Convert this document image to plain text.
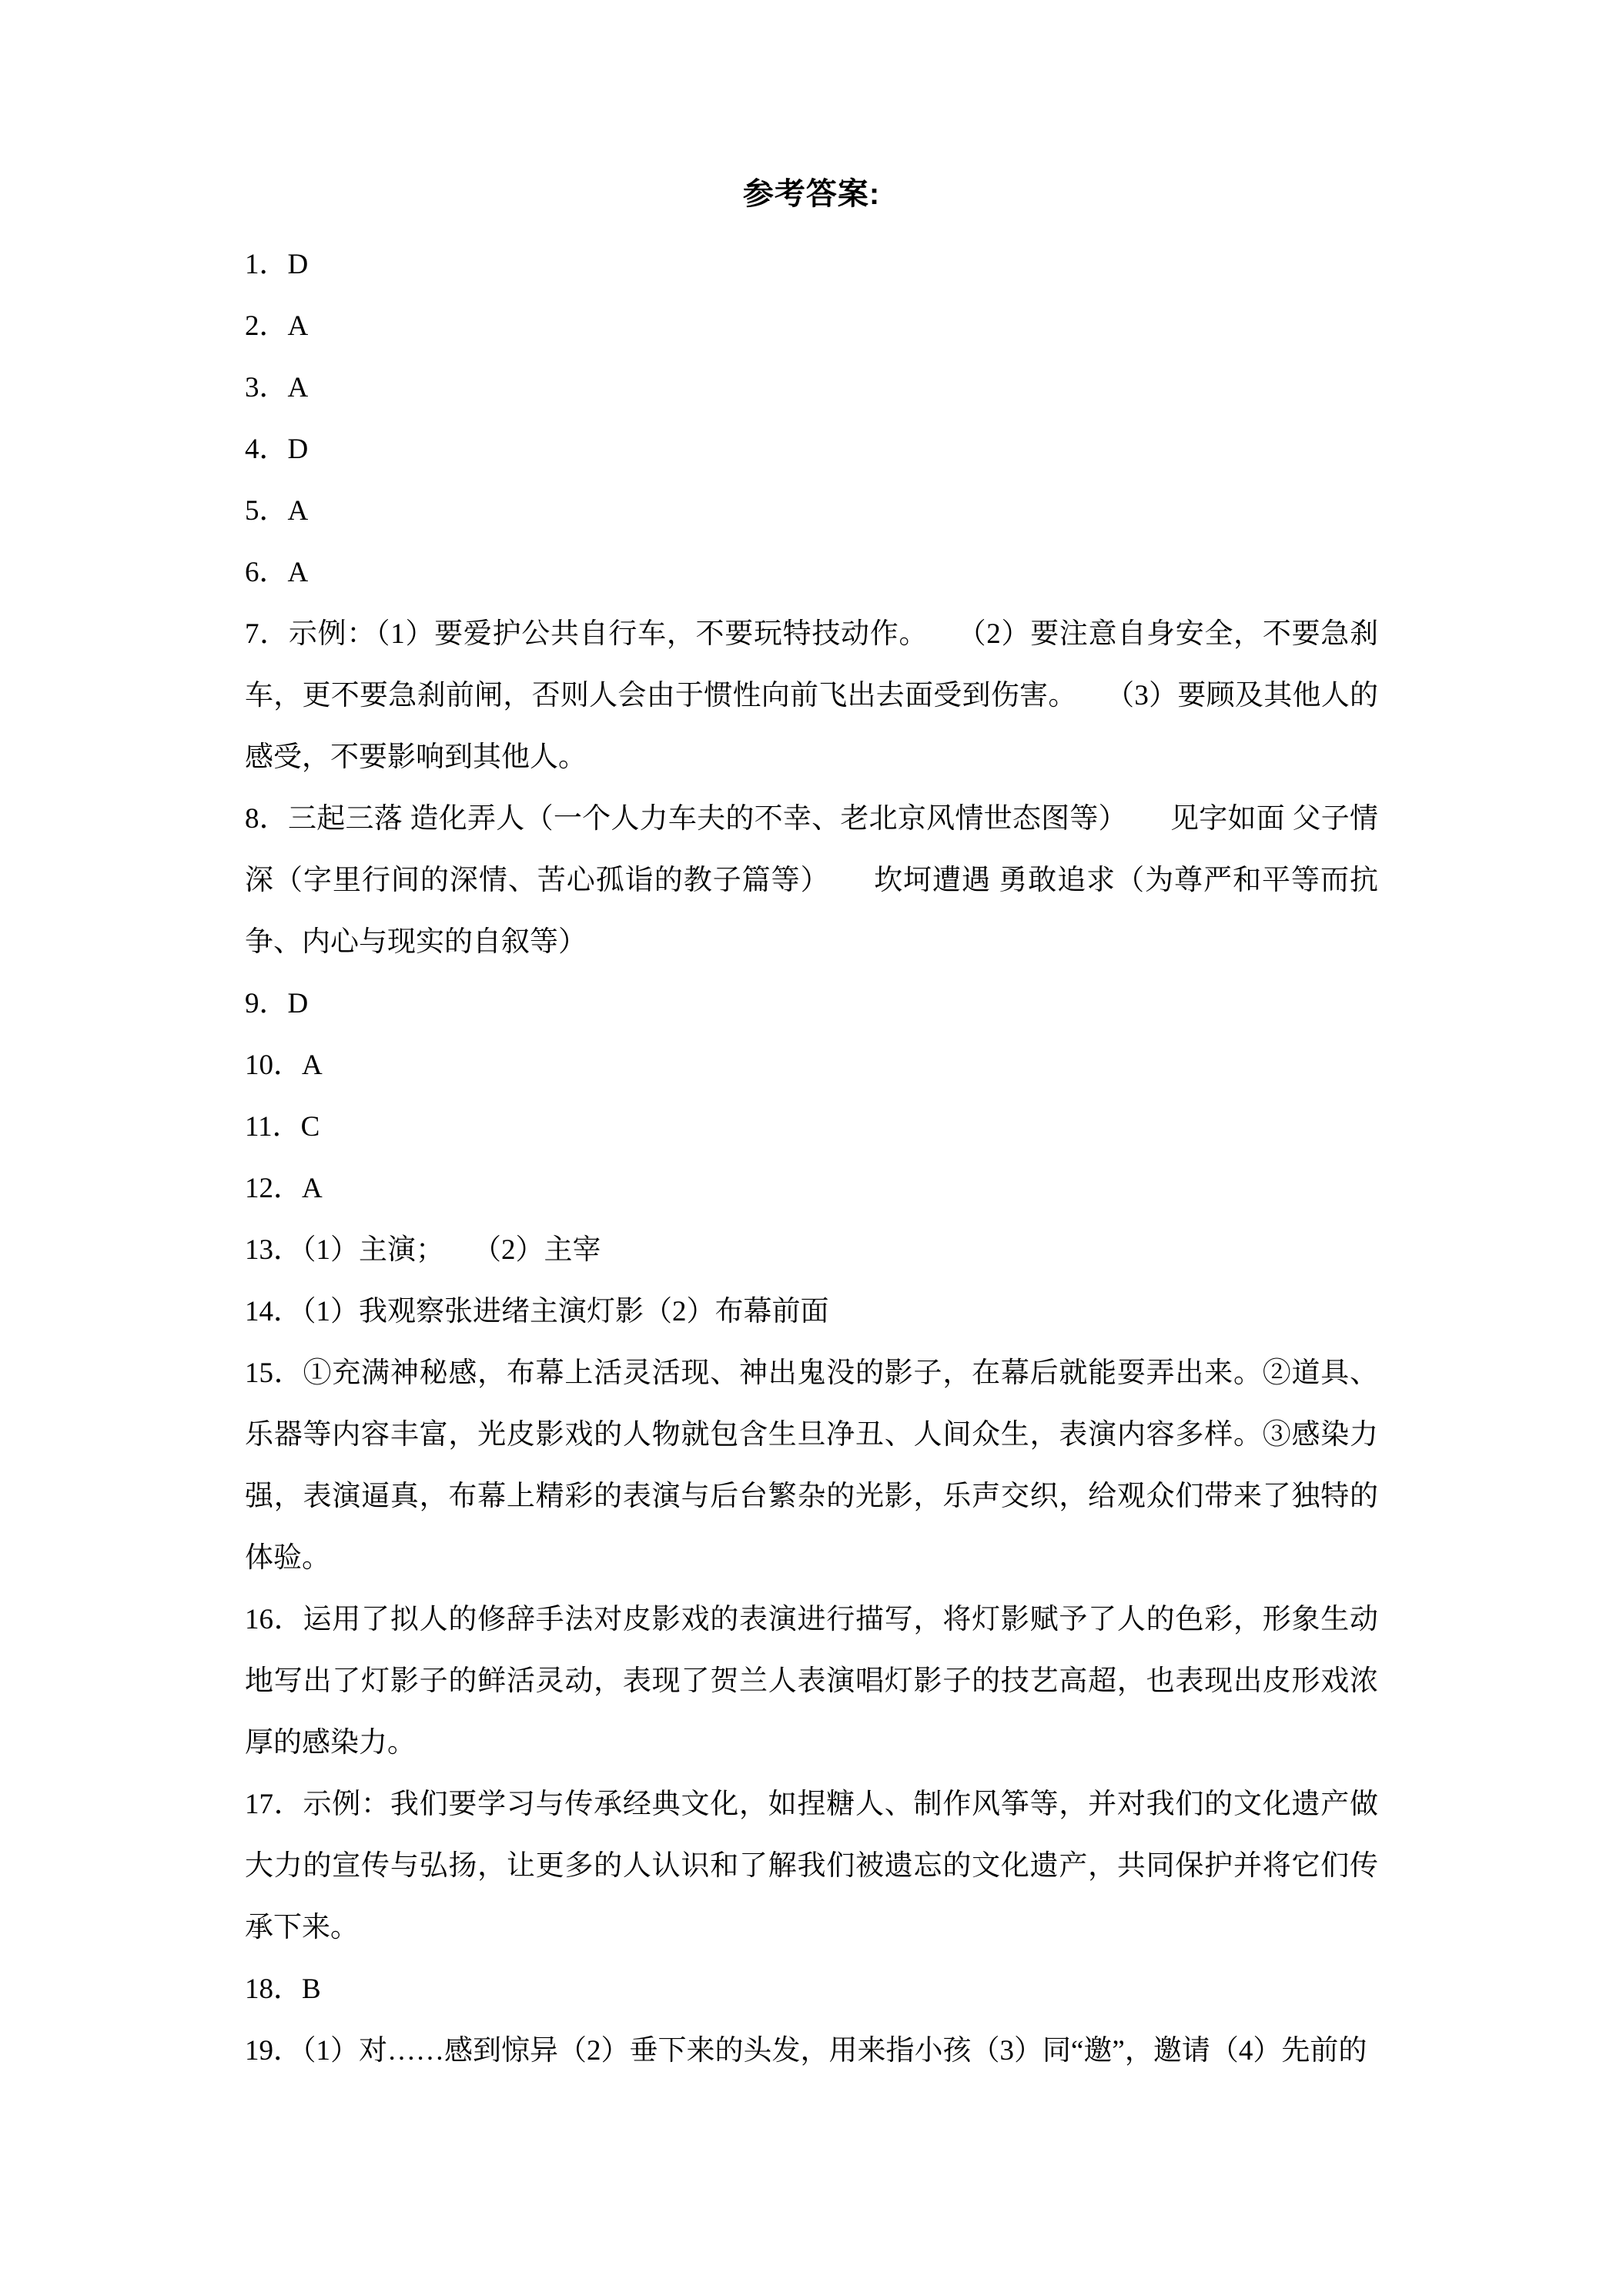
参考答案:

1．D

2．A

3．A

4．D

5．A

6．A

7．示例：（1）要爱护公共自行车，不要玩特技动作。　　（2）要注意自身安全，不要急刹车，更不要急刹前闸，否则人会由于惯性向前飞出去面受到伤害。　　（3）要顾及其他人的感受，不要影响到其他人。

8．三起三落 造化弄人（一个人力车夫的不幸、老北京风情世态图等）　　见字如面 父子情深（字里行间的深情、苦心孤诣的教子篇等）　　坎坷遭遇 勇敢追求（为尊严和平等而抗争、内心与现实的自叙等）

9．D

10．A

11．C

12．A

13．（1）主演；　　（2）主宰

14．（1）我观察张进绪主演灯影（2）布幕前面

15．①充满神秘感，布幕上活灵活现、神出鬼没的影子，在幕后就能耍弄出来。②道具、乐器等内容丰富，光皮影戏的人物就包含生旦净丑、人间众生，表演内容多样。③感染力强，表演逼真，布幕上精彩的表演与后台繁杂的光影，乐声交织，给观众们带来了独特的体验。

16．运用了拟人的修辞手法对皮影戏的表演进行描写，将灯影赋予了人的色彩，形象生动地写出了灯影子的鲜活灵动，表现了贺兰人表演唱灯影子的技艺高超，也表现出皮形戏浓厚的感染力。

17．示例：我们要学习与传承经典文化，如捏糖人、制作风筝等，并对我们的文化遗产做大力的宣传与弘扬，让更多的人认识和了解我们被遗忘的文化遗产，共同保护并将它们传承下来。

18．B

19．（1）对……感到惊异（2）垂下来的头发，用来指小孩（3）同“邀”，邀请（4）先前的
